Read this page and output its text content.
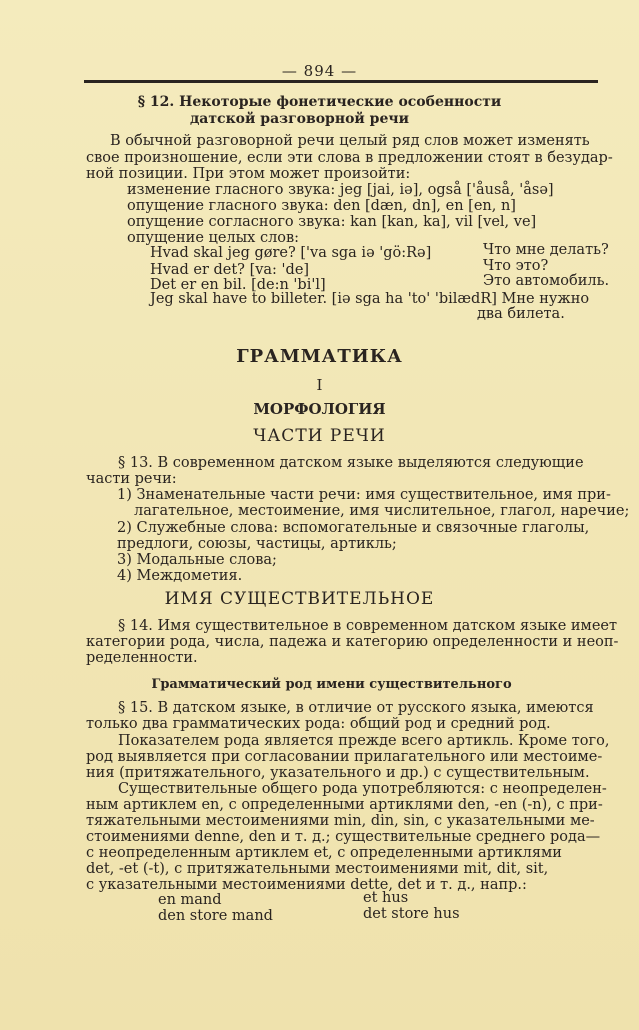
— 894 —
§ 12. Некоторые фонетические особенности
датской разговорной речи
В обычной разговорной речи целый ряд слов может изменять
свое произношение, если эти слова в предложении стоят в безудар-
ной позиции. При этом может произойти:
изменение гласного звука: jeg [jai, iə], også ['åuså, 'åsə]
опущение гласного звука: den [dæn, dn], en [en, n]
опущение согласного звука: kan [kan, ka], vil [vel, ve]
опущение целых слов:
Hvad skal jeg gøre? ['va sga iə 'gö:Rə]	Что мне делать?
Hvad er det? [va: 'de]	Что это?
Det er en bil. [de:n 'bi'l]	Это автомобиль.
Jeg skal have to billeter. [iə sga ha 'to' 'bilædR] Мне нужно
два билета.
ГРАММАТИКА
I
МОРФОЛОГИЯ
ЧАСТИ РЕЧИ
§ 13. В современном датском языке выделяются следующие
части речи:
1) Знаменательные части речи: имя существительное, имя при-
лагательное, местоимение, имя числительное, глагол, наречие;
2) Служебные слова: вспомогательные и связочные глаголы,
предлоги, союзы, частицы, артикль;
3) Модальные слова;
4) Междометия.
ИМЯ СУЩЕСТВИТЕЛЬНОЕ
§ 14. Имя существительное в современном датском языке имеет
категории рода, числа, падежа и категорию определенности и неоп-
ределенности.
Грамматический род имени существительного
§ 15. В датском языке, в отличие от русского языка, имеются
только два грамматических рода: общий род и средний род.
Показателем рода является прежде всего артикль. Кроме того,
род выявляется при согласовании прилагательного или местоиме-
ния (притяжательного, указательного и др.) с существительным.
Существительные общего рода употребляются: с неопределен-
ным артиклем en, с определенными артиклями den, -en (-n), с при-
тяжательными местоимениями min, din, sin, с указательными ме-
стоимениями denne, den и т. д.; существительные среднего рода—
с неопределенным артиклем et, с определенными артиклями
det, -et (-t), с притяжательными местоимениями mit, dit, sit,
с указательными местоимениями dette, det и т. д., напр.:
en mand	et hus
den store mand	det store hus
